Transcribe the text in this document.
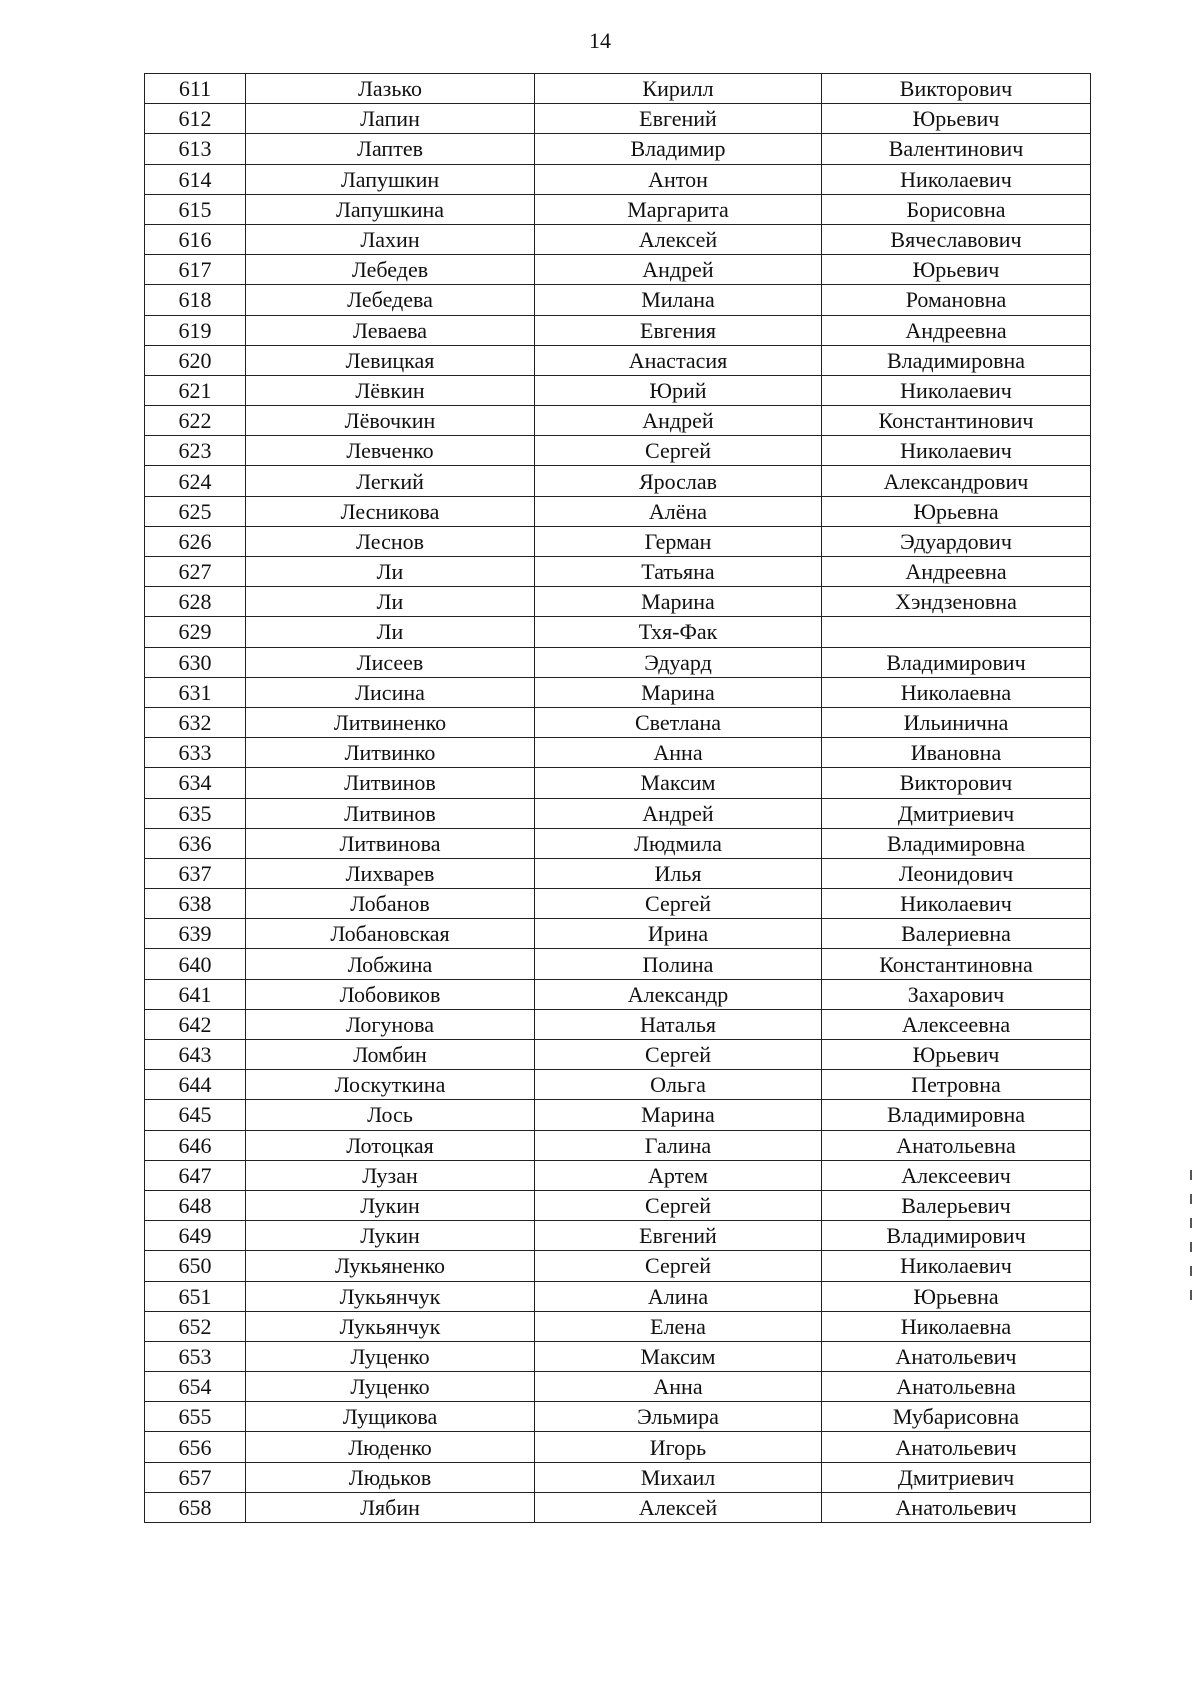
14
611	Лазько	Кирилл	Викторович
612	Лапин	Евгений	Юрьевич
613	Лаптев	Владимир	Валентинович
614	Лапушкин	Антон	Николаевич
615	Лапушкина	Маргарита	Борисовна
616	Лахин	Алексей	Вячеславович
617	Лебедев	Андрей	Юрьевич
618	Лебедева	Милана	Романовна
619	Леваева	Евгения	Андреевна
620	Левицкая	Анастасия	Владимировна
621	Лёвкин	Юрий	Николаевич
622	Лёвочкин	Андрей	Константинович
623	Левченко	Сергей	Николаевич
624	Легкий	Ярослав	Александрович
625	Лесникова	Алёна	Юрьевна
626	Леснов	Герман	Эдуардович
627	Ли	Татьяна	Андреевна
628	Ли	Марина	Хэндзеновна
629	Ли	Тхя-Фак	
630	Лисеев	Эдуард	Владимирович
631	Лисина	Марина	Николаевна
632	Литвиненко	Светлана	Ильинична
633	Литвинко	Анна	Ивановна
634	Литвинов	Максим	Викторович
635	Литвинов	Андрей	Дмитриевич
636	Литвинова	Людмила	Владимировна
637	Лихварев	Илья	Леонидович
638	Лобанов	Сергей	Николаевич
639	Лобановская	Ирина	Валериевна
640	Лобжина	Полина	Константиновна
641	Лобовиков	Александр	Захарович
642	Логунова	Наталья	Алексеевна
643	Ломбин	Сергей	Юрьевич
644	Лоскуткина	Ольга	Петровна
645	Лось	Марина	Владимировна
646	Лотоцкая	Галина	Анатольевна
647	Лузан	Артем	Алексеевич
648	Лукин	Сергей	Валерьевич
649	Лукин	Евгений	Владимирович
650	Лукьяненко	Сергей	Николаевич
651	Лукьянчук	Алина	Юрьевна
652	Лукьянчук	Елена	Николаевна
653	Луценко	Максим	Анатольевич
654	Луценко	Анна	Анатольевна
655	Лущикова	Эльмира	Мубарисовна
656	Люденко	Игорь	Анатольевич
657	Людьков	Михаил	Дмитриевич
658	Лябин	Алексей	Анатольевич
